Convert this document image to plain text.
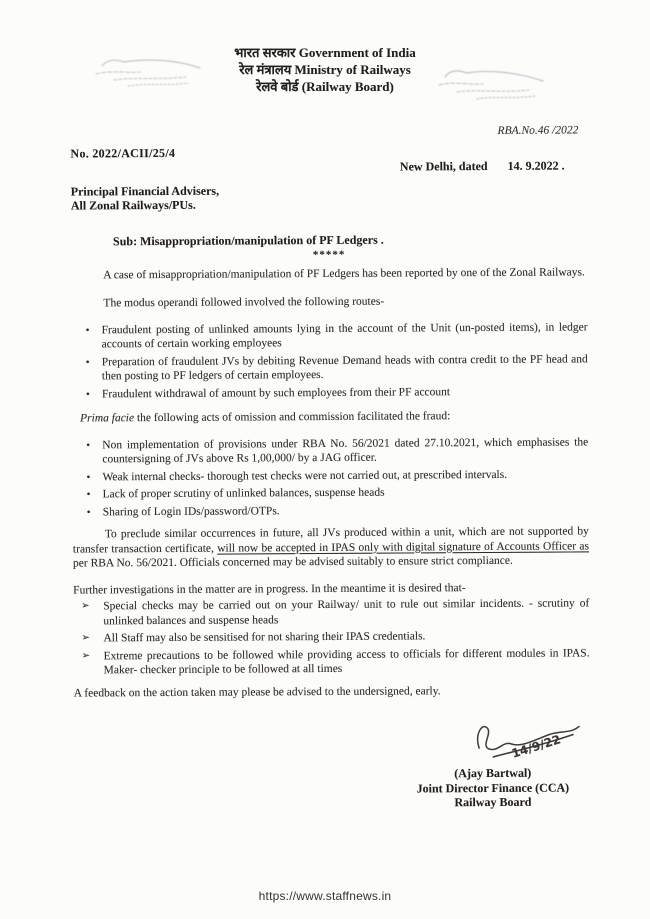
भारत सरकार Government of India
रेल मंत्रालय Ministry of Railways
रेलवे बोर्ड (Railway Board)
RBA.No.46 /2022
No. 2022/ACII/25/4
New Delhi, dated 14. 9.2022 .
Principal Financial Advisers,
All Zonal Railways/PUs.
Sub: Misappropriation/manipulation of PF Ledgers .
*****

A case of misappropriation/manipulation of PF Ledgers has been reported by one of the Zonal Railways.

The modus operandi followed involved the following routes-

•	Fraudulent posting of unlinked amounts lying in the account of the Unit (un-posted items), in ledger accounts of certain working employees
•	Preparation of fraudulent JVs by debiting Revenue Demand heads with contra credit to the PF head and then posting to PF ledgers of certain employees.
•	Fraudulent withdrawal of amount by such employees from their PF account

Prima facie the following acts of omission and commission facilitated the fraud:

•	Non implementation of provisions under RBA No. 56/2021 dated 27.10.2021, which emphasises the countersigning of JVs above Rs 1,00,000/ by a JAG officer.
•	Weak internal checks- thorough test checks were not carried out, at prescribed intervals.
•	Lack of proper scrutiny of unlinked balances, suspense heads
•	Sharing of Login IDs/password/OTPs.

To preclude similar occurrences in future, all JVs produced within a unit, which are not supported by transfer transaction certificate, will now be accepted in IPAS only with digital signature of Accounts Officer as per RBA No. 56/2021. Officials concerned may be advised suitably to ensure strict compliance.

Further investigations in the matter are in progress. In the meantime it is desired that-

➢	Special checks may be carried out on your Railway/ unit to rule out similar incidents. - scrutiny of unlinked balances and suspense heads
➢	All Staff may also be sensitised for not sharing their IPAS credentials.
➢	Extreme precautions to be followed while providing access to officials for different modules in IPAS. Maker- checker principle to be followed at all times

A feedback on the action taken may please be advised to the undersigned, early.

14/9/22
(Ajay Bartwal)
Joint Director Finance (CCA)
Railway Board
https://www.staffnews.in
